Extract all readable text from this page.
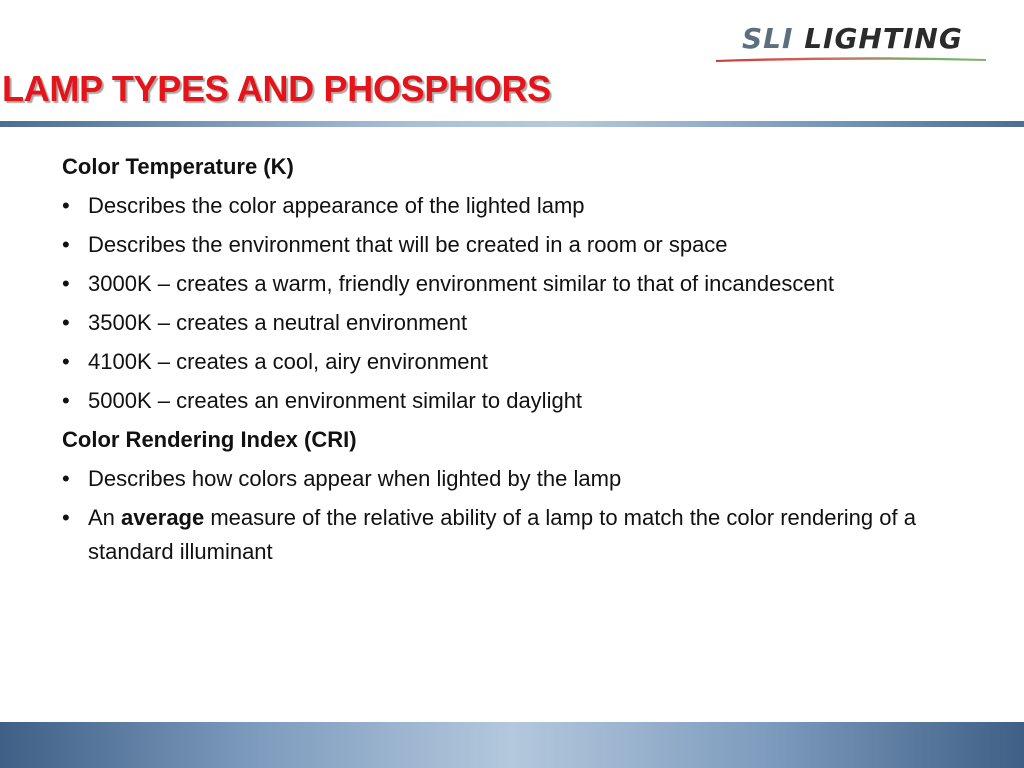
SLI LIGHTING
LAMP TYPES AND PHOSPHORS
Color Temperature (K)
• Describes the color appearance of the lighted lamp
• Describes the environment that will be created in a room or space
• 3000K – creates a warm, friendly environment similar to that of incandescent
• 3500K – creates a neutral environment
• 4100K – creates a cool, airy environment
• 5000K – creates an environment similar to daylight
Color Rendering Index (CRI)
• Describes how colors appear when lighted by the lamp
• An average measure of the relative ability of a lamp to match the color rendering of a standard illuminant
